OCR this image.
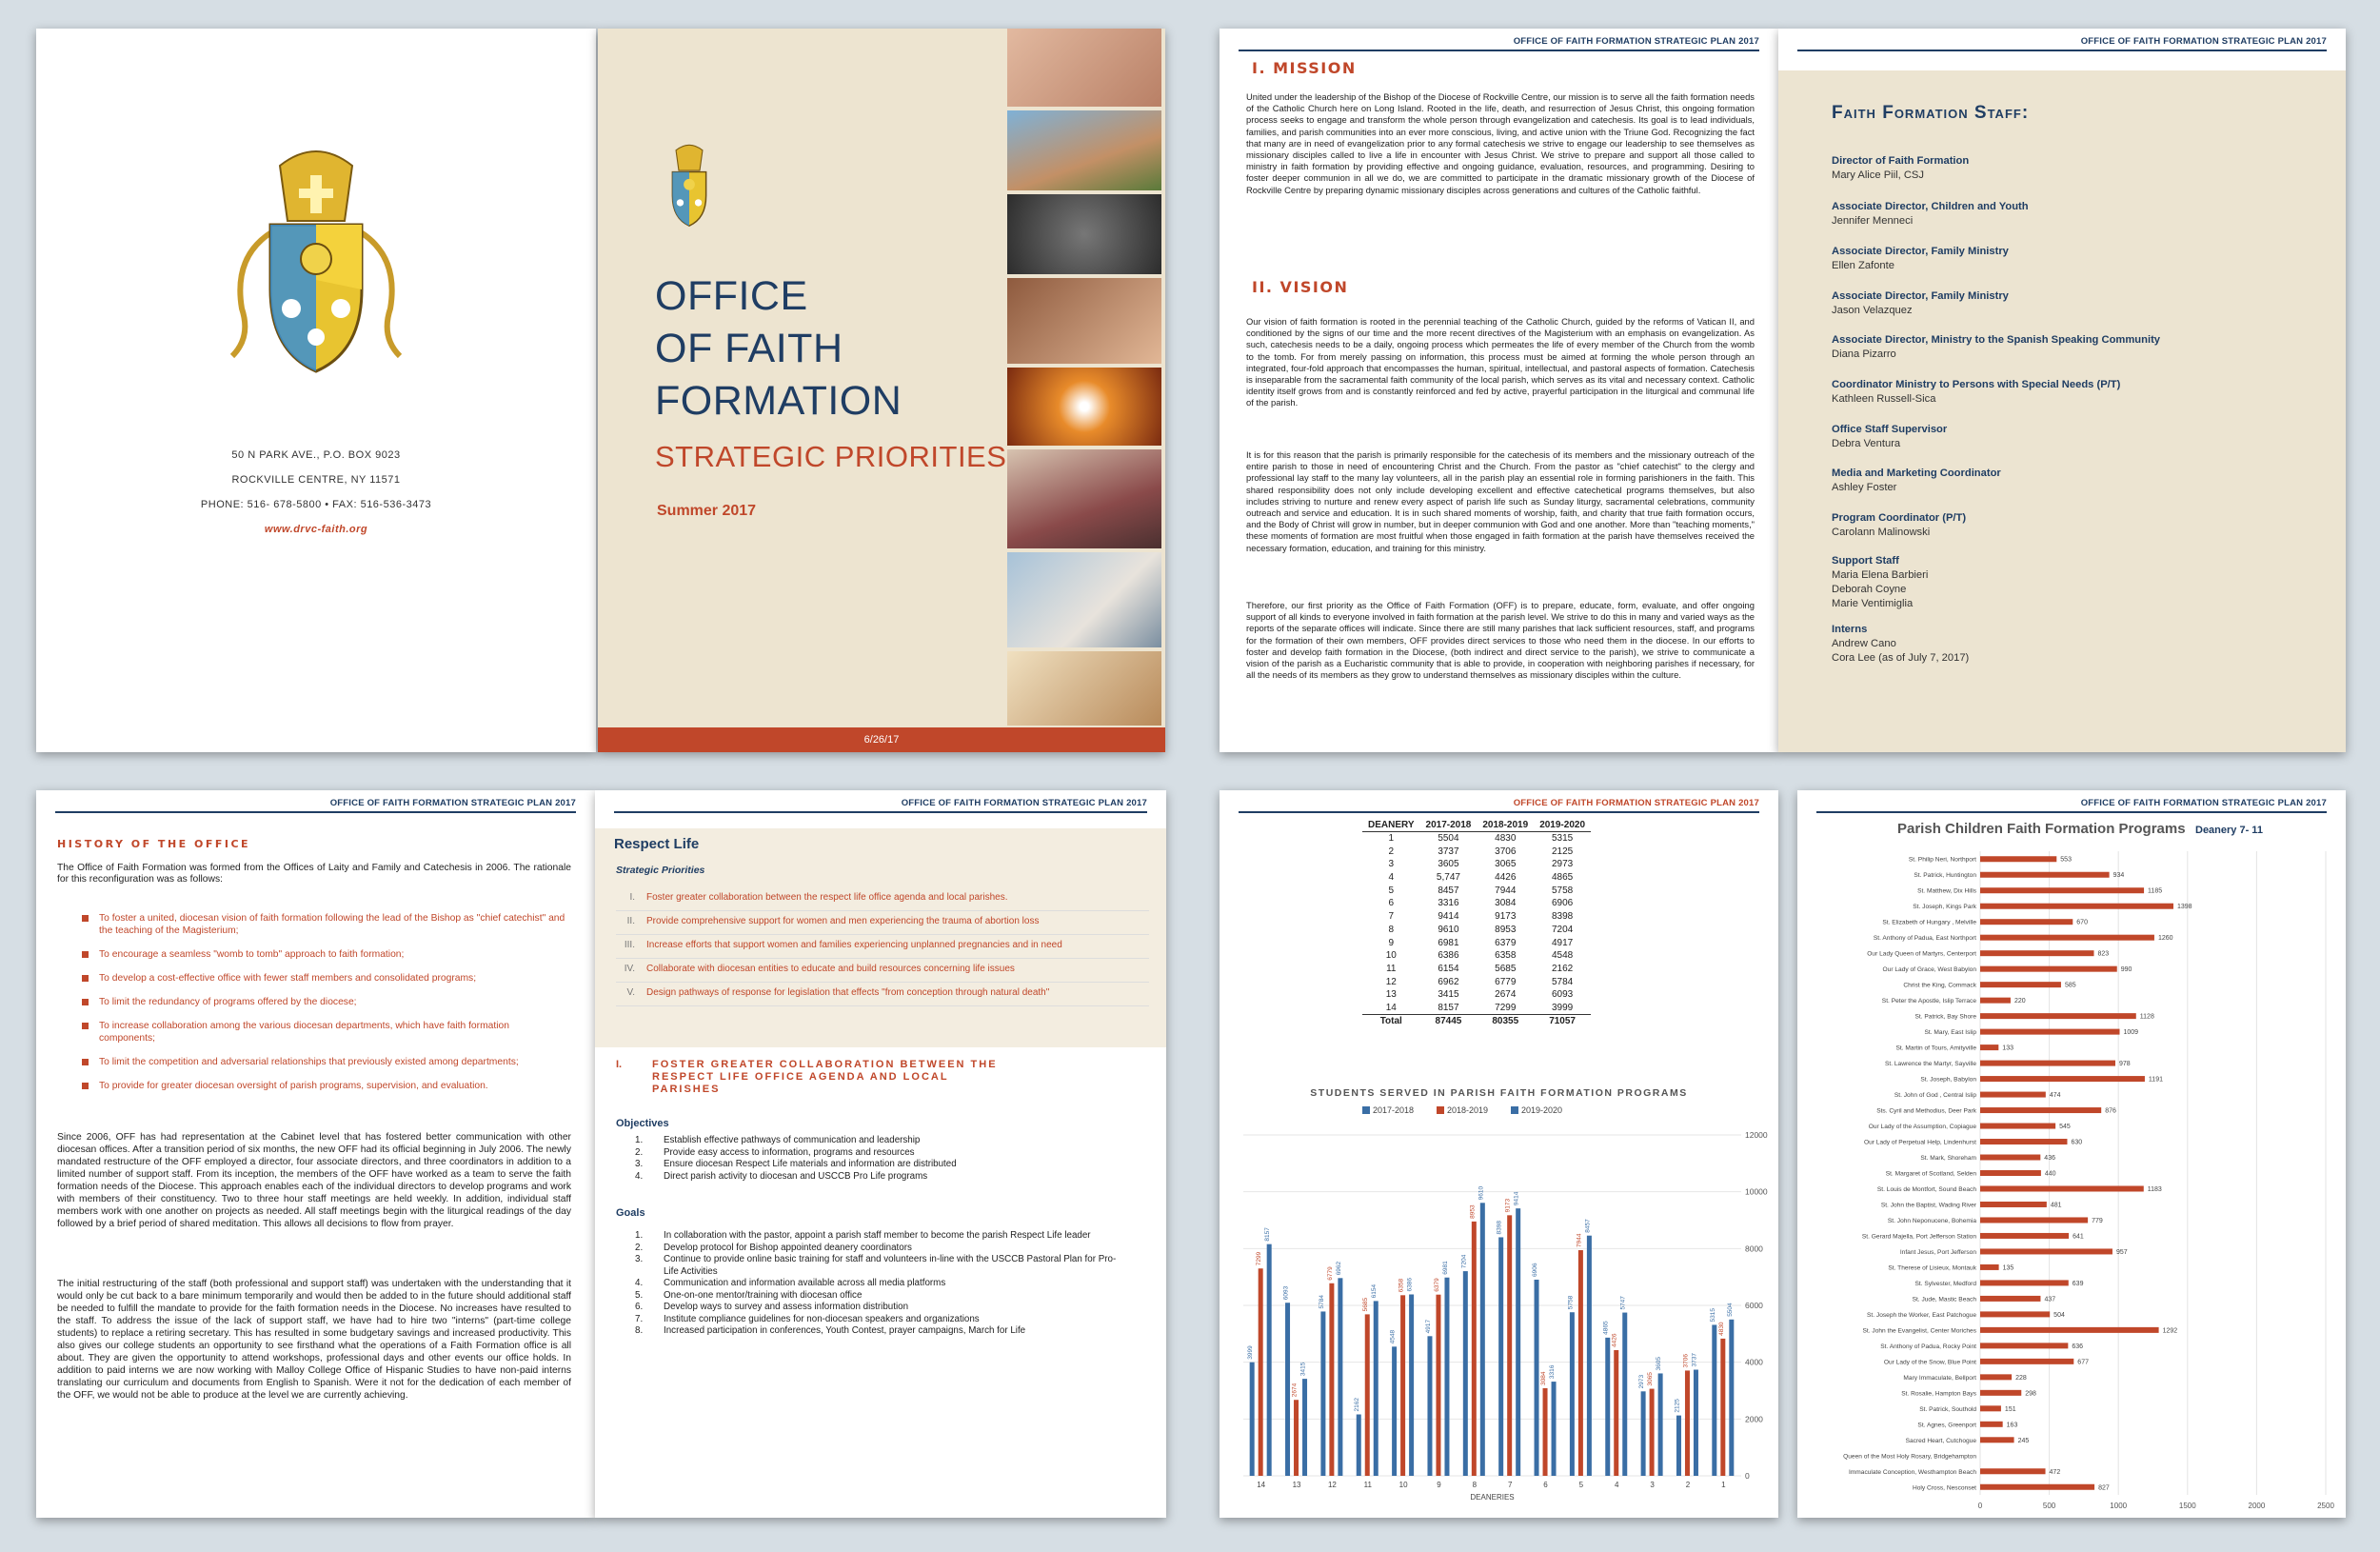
50 N PARK AVE., P.O. BOX 9023
ROCKVILLE CENTRE, NY 11571
PHONE: 516- 678-5800 • FAX: 516-536-3473
www.drvc-faith.org
OFFICE
OF FAITH
FORMATION
STRATEGIC PRIORITIES
Summer 2017
6/26/17
OFFICE OF FAITH FORMATION STRATEGIC PLAN 2017
I. MISSION

United under the leadership of the Bishop of the Diocese of Rockville Centre, our mission is to serve all the faith formation needs of the Catholic Church here on Long Island. Rooted in the life, death, and resurrection of Jesus Christ, this ongoing formation process seeks to engage and transform the whole person through evangelization and catechesis. Its goal is to lead individuals, families, and parish communities into an ever more conscious, living, and active union with the Triune God. Recognizing the fact that many are in need of evangelization prior to any formal catechesis we strive to engage our leadership to see themselves as missionary disciples called to live a life in encounter with Jesus Christ. We strive to prepare and support all those called to ministry in faith formation by providing effective and ongoing guidance, evaluation, resources, and programming. Desiring to foster deeper communion in all we do, we are committed to participate in the dramatic missionary growth of the Diocese of Rockville Centre by preparing dynamic missionary disciples across generations and cultures of the Catholic faithful.

II. VISION

Our vision of faith formation is rooted in the perennial teaching of the Catholic Church, guided by the reforms of Vatican II, and conditioned by the signs of our time and the more recent directives of the Magisterium with an emphasis on evangelization. As such, catechesis needs to be a daily, ongoing process which permeates the life of every member of the Church from the womb to the tomb. For from merely passing on information, this process must be aimed at forming the whole person through an integrated, four-fold approach that encompasses the human, spiritual, intellectual, and pastoral aspects of formation. Catechesis is inseparable from the sacramental faith community of the local parish, which serves as its vital and necessary context. Catholic identity itself grows from and is constantly reinforced and fed by active, prayerful participation in the liturgical and communal life of the parish.

It is for this reason that the parish is primarily responsible for the catechesis of its members and the missionary outreach of the entire parish to those in need of encountering Christ and the Church. From the pastor as "chief catechist" to the clergy and professional lay staff to the many lay volunteers, all in the parish play an essential role in forming parishioners in the faith. This shared responsibility does not only include developing excellent and effective catechetical programs themselves, but also includes striving to nurture and renew every aspect of parish life such as Sunday liturgy, sacramental celebrations, community outreach and service and education. It is in such shared moments of worship, faith, and charity that true faith formation occurs, and the Body of Christ will grow in number, but in deeper communion with God and one another. More than "teaching moments," these moments of formation are most fruitful when those engaged in faith formation at the parish have themselves received the necessary formation, education, and training for this ministry.

Therefore, our first priority as the Office of Faith Formation (OFF) is to prepare, educate, form, evaluate, and offer ongoing support of all kinds to everyone involved in faith formation at the parish level. We strive to do this in many and varied ways as the reports of the separate offices will indicate. Since there are still many parishes that lack sufficient resources, staff, and programs for the formation of their own members, OFF provides direct services to those who need them in the diocese. In our efforts to foster and develop faith formation in the Diocese, (both indirect and direct service to the parish), we strive to communicate a vision of the parish as a Eucharistic community that is able to provide, in cooperation with neighboring parishes if necessary, for all the needs of its members as they grow to understand themselves as missionary disciples within the culture.

OFFICE OF FAITH FORMATION STRATEGIC PLAN 2017
Faith Formation Staff:
Director of Faith Formation
Mary Alice Piil, CSJ
Associate Director, Children and Youth
Jennifer Menneci
Associate Director, Family Ministry
Ellen Zafonte
Associate Director, Family Ministry
Jason Velazquez
Associate Director, Ministry to the Spanish Speaking Community
Diana Pizarro
Coordinator Ministry to Persons with Special Needs (P/T)
Kathleen Russell-Sica
Office Staff Supervisor
Debra Ventura
Media and Marketing Coordinator
Ashley Foster
Program Coordinator (P/T)
Carolann Malinowski
Support Staff
Maria Elena Barbieri
Deborah Coyne
Marie Ventimiglia
Interns
Andrew Cano
Cora Lee (as of July 7, 2017)
OFFICE OF FAITH FORMATION STRATEGIC PLAN 2017
HISTORY OF THE OFFICE

The Office of Faith Formation was formed from the Offices of Laity and Family and Catechesis in 2006. The rationale for this reconfiguration was as follows:

To foster a united, diocesan vision of faith formation following the lead of the Bishop as "chief catechist" and the teaching of the Magisterium;
To encourage a seamless "womb to tomb" approach to faith formation;
To develop a cost-effective office with fewer staff members and consolidated programs;
To limit the redundancy of programs offered by the diocese;
To increase collaboration among the various diocesan departments, which have faith formation components;
To limit the competition and adversarial relationships that previously existed among departments;
To provide for greater diocesan oversight of parish programs, supervision, and evaluation.

Since 2006, OFF has had representation at the Cabinet level that has fostered better communication with other diocesan offices. After a transition period of six months, the new OFF had its official beginning in July 2006. The newly mandated restructure of the OFF employed a director, four associate directors, and three coordinators in addition to a limited number of support staff. From its inception, the members of the OFF have worked as a team to serve the faith formation needs of the Diocese. This approach enables each of the individual directors to develop programs and work with members of their constituency. Two to three hour staff meetings are held weekly. In addition, individual staff members work with one another on projects as needed. All staff meetings begin with the liturgical readings of the day followed by a brief period of shared meditation. This allows all decisions to flow from prayer.

The initial restructuring of the staff (both professional and support staff) was undertaken with the understanding that it would only be cut back to a bare minimum temporarily and would then be added to in the future should additional staff be needed to fulfill the mandate to provide for the faith formation needs in the Diocese. No increases have resulted to the staff. To address the issue of the lack of support staff, we have had to hire two "interns" (part-time college students) to replace a retiring secretary. This has resulted in some budgetary savings and increased productivity. This also gives our college students an opportunity to see firsthand what the operations of a Faith Formation office is all about. They are given the opportunity to attend workshops, professional days and other events our office holds. In addition to paid interns we are now working with Malloy College Office of Hispanic Studies to have non-paid interns translating our curriculum and documents from English to Spanish. Were it not for the dedication of each member of the OFF, we would not be able to produce at the level we are currently achieving.

OFFICE OF FAITH FORMATION STRATEGIC PLAN 2017
Respect Life
Strategic Priorities
I. Foster greater collaboration between the respect life office agenda and local parishes.
II. Provide comprehensive support for women and men experiencing the trauma of abortion loss
III. Increase efforts that support women and families experiencing unplanned pregnancies and in need
IV. Collaborate with diocesan entities to educate and build resources concerning life issues
V. Design pathways of response for legislation that effects "from conception through natural death"
I.	FOSTER GREATER COLLABORATION BETWEEN THE RESPECT LIFE OFFICE AGENDA AND LOCAL PARISHES
Objectives
1. Establish effective pathways of communication and leadership
2. Provide easy access to information, programs and resources
3. Ensure diocesan Respect Life materials and information are distributed
4. Direct parish activity to diocesan and USCCB Pro Life programs
Goals
1. In collaboration with the pastor, appoint a parish staff member to become the parish Respect Life leader
2. Develop protocol for Bishop appointed deanery coordinators
3. Continue to provide online basic training for staff and volunteers in-line with the USCCB Pastoral Plan for Pro-Life Activities
4. Communication and information available across all media platforms
5. One-on-one mentor/training with diocesan office
6. Develop ways to survey and assess information distribution
7. Institute compliance guidelines for non-diocesan speakers and organizations
8. Increased participation in conferences, Youth Contest, prayer campaigns, March for Life
OFFICE OF FAITH FORMATION STRATEGIC PLAN 2017
DEANERY	2017-2018	2018-2019	2019-2020
1	5504	4830	5315
2	3737	3706	2125
3	3605	3065	2973
4	5,747	4426	4865
5	8457	7944	5758
6	3316	3084	6906
7	9414	9173	8398
8	9610	8953	7204
9	6981	6379	4917
10	6386	6358	4548
11	6154	5685	2162
12	6962	6779	5784
13	3415	2674	6093
14	8157	7299	3999
Total	87445	80355	71057
STUDENTS SERVED IN PARISH FAITH FORMATION PROGRAMS
2017-2018	2018-2019	2019-2020
0
2000
4000
6000
8000
10000
12000
3999
7299
8157
14
6093
2674
3415
13
5784
6779 6962
12
2162
5685
6154
11
4548
6358 6386
10
4917
6379
6981
9
7204
8953
9610
8
8398
9173 9414
7
6906
3084 3316
6
5758
7944
8457
5
4865
4426
5747
4
2973 3065
3605
3
2125
3706 3737
2
5315
4830
5504
1
DEANERIES
OFFICE OF FAITH FORMATION STRATEGIC PLAN 2017
Parish Children Faith Formation Programs Deanery 7- 11
0	500	1000	1500	2000	2500
St. Philip Neri, Northport	553
St. Patrick, Huntington	934
St. Matthew, Dix Hills	1185
St. Joseph, Kings Park	1398
St. Elizabeth of Hungary , Melville	670
St. Anthony of Padua, East Northport	1260
Our Lady Queen of Martyrs, Centerport	823
Our Lady of Grace, West Babylon	990
Christ the King, Commack	585
St. Peter the Apostle, Islip Terrace	220
St. Patrick, Bay Shore	1128
St. Mary, East Islip	1009
St. Martin of Tours, Amityville	133
St. Lawrence the Martyr, Sayville	978
St. Joseph, Babylon	1191
St. John of God , Central Islip	474
Sts. Cyril and Methodius, Deer Park	876
Our Lady of the Assumption, Copiague	545
Our Lady of Perpetual Help, Lindenhurst	630
St. Mark, Shoreham	436
St. Margaret of Scotland, Selden	440
St. Louis de Montfort, Sound Beach	1183
St. John the Baptist, Wading River	481
St. John Neponucene, Bohemia	779
St. Gerard Majella, Port Jefferson Station	641
Infant Jesus, Port Jefferson	957
St. Therese of Lisieux, Montauk	135
St. Sylvester, Medford	639
St. Jude, Mastic Beach	437
St. Joseph the Worker, East Patchogue	504
St. John the Evangelist, Center Moriches	1292
St. Anthony of Padua, Rocky Point	636
Our Lady of the Snow, Blue Point	677
Mary Immaculate, Bellport	228
St. Rosalie, Hampton Bays	298
St. Patrick, Southold	151
St. Agnes, Greenport	163
Sacred Heart, Cutchogue	245
Queen of the Most Holy Rosary, Bridgehampton
Immaculate Conception, Westhampton Beach	472
Holy Cross, Nesconset	827
